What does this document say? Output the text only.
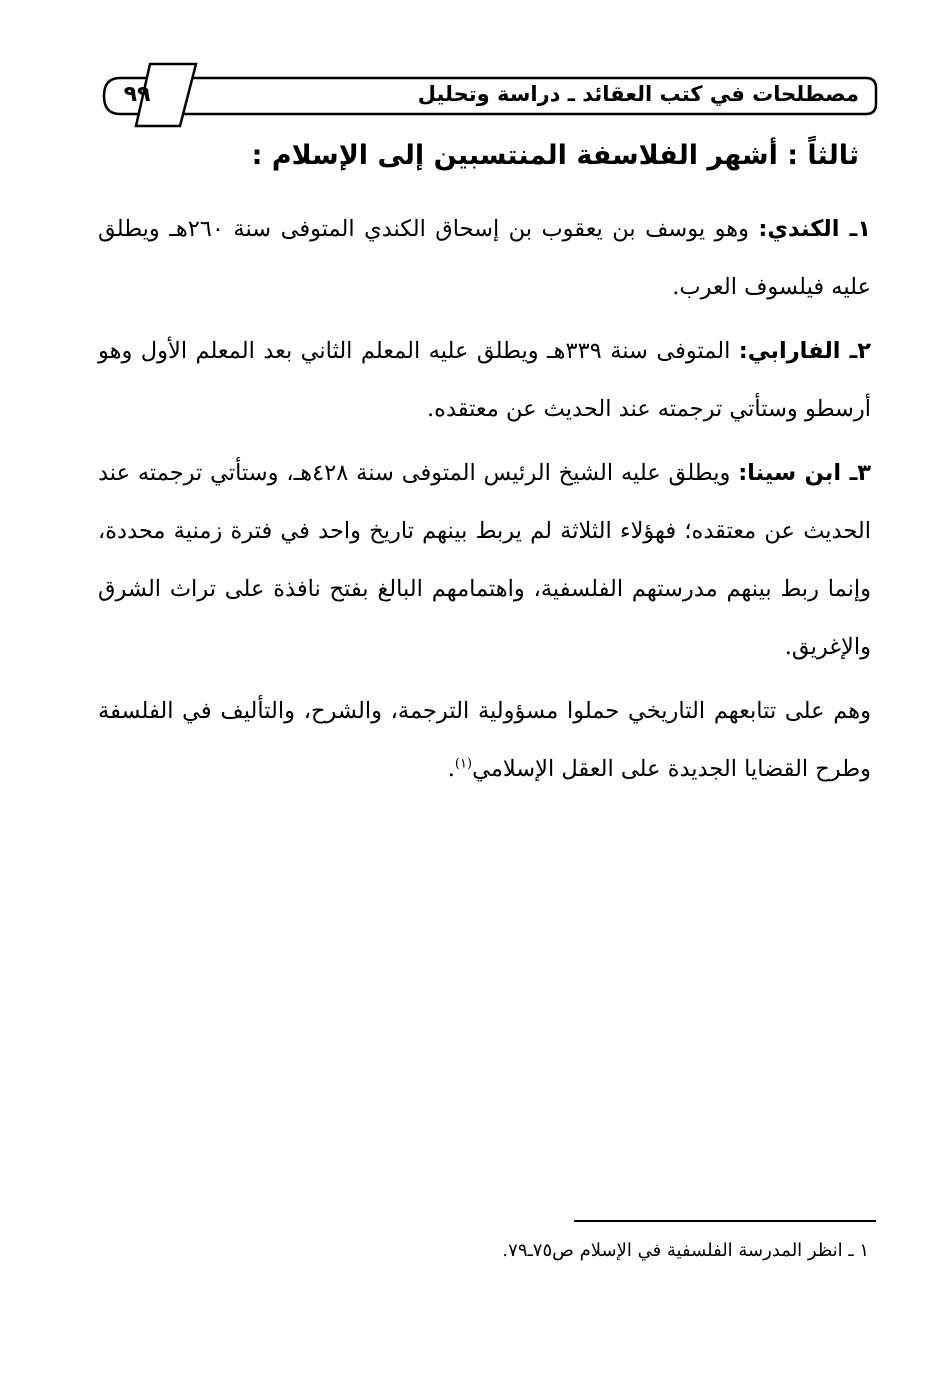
مصطلحات في كتب العقائد ـ دراسة وتحليل
٩٩
ثالثاً : أشهر الفلاسفة المنتسبين إلى الإسلام :

١ـ الكندي: وهو يوسف بن يعقوب بن إسحاق الكندي المتوفى سنة ٢٦٠هـ ويطلق عليه فيلسوف العرب.

٢ـ الفارابي: المتوفى سنة ٣٣٩هـ ويطلق عليه المعلم الثاني بعد المعلم الأول وهو أرسطو وستأتي ترجمته عند الحديث عن معتقده.

٣ـ ابن سينا: ويطلق عليه الشيخ الرئيس المتوفى سنة ٤٢٨هـ، وستأتي ترجمته عند الحديث عن معتقده؛ فهؤلاء الثلاثة لم يربط بينهم تاريخ واحد في فترة زمنية محددة، وإنما ربط بينهم مدرستهم الفلسفية، واهتمامهم البالغ بفتح نافذة على تراث الشرق والإغريق.

وهم على تتابعهم التاريخي حملوا مسؤولية الترجمة، والشرح، والتأليف في الفلسفة وطرح القضايا الجديدة على العقل الإسلامي$^{(١)}$.

١ ـ انظر المدرسة الفلسفية في الإسلام ص٧٥ـ٧٩.
